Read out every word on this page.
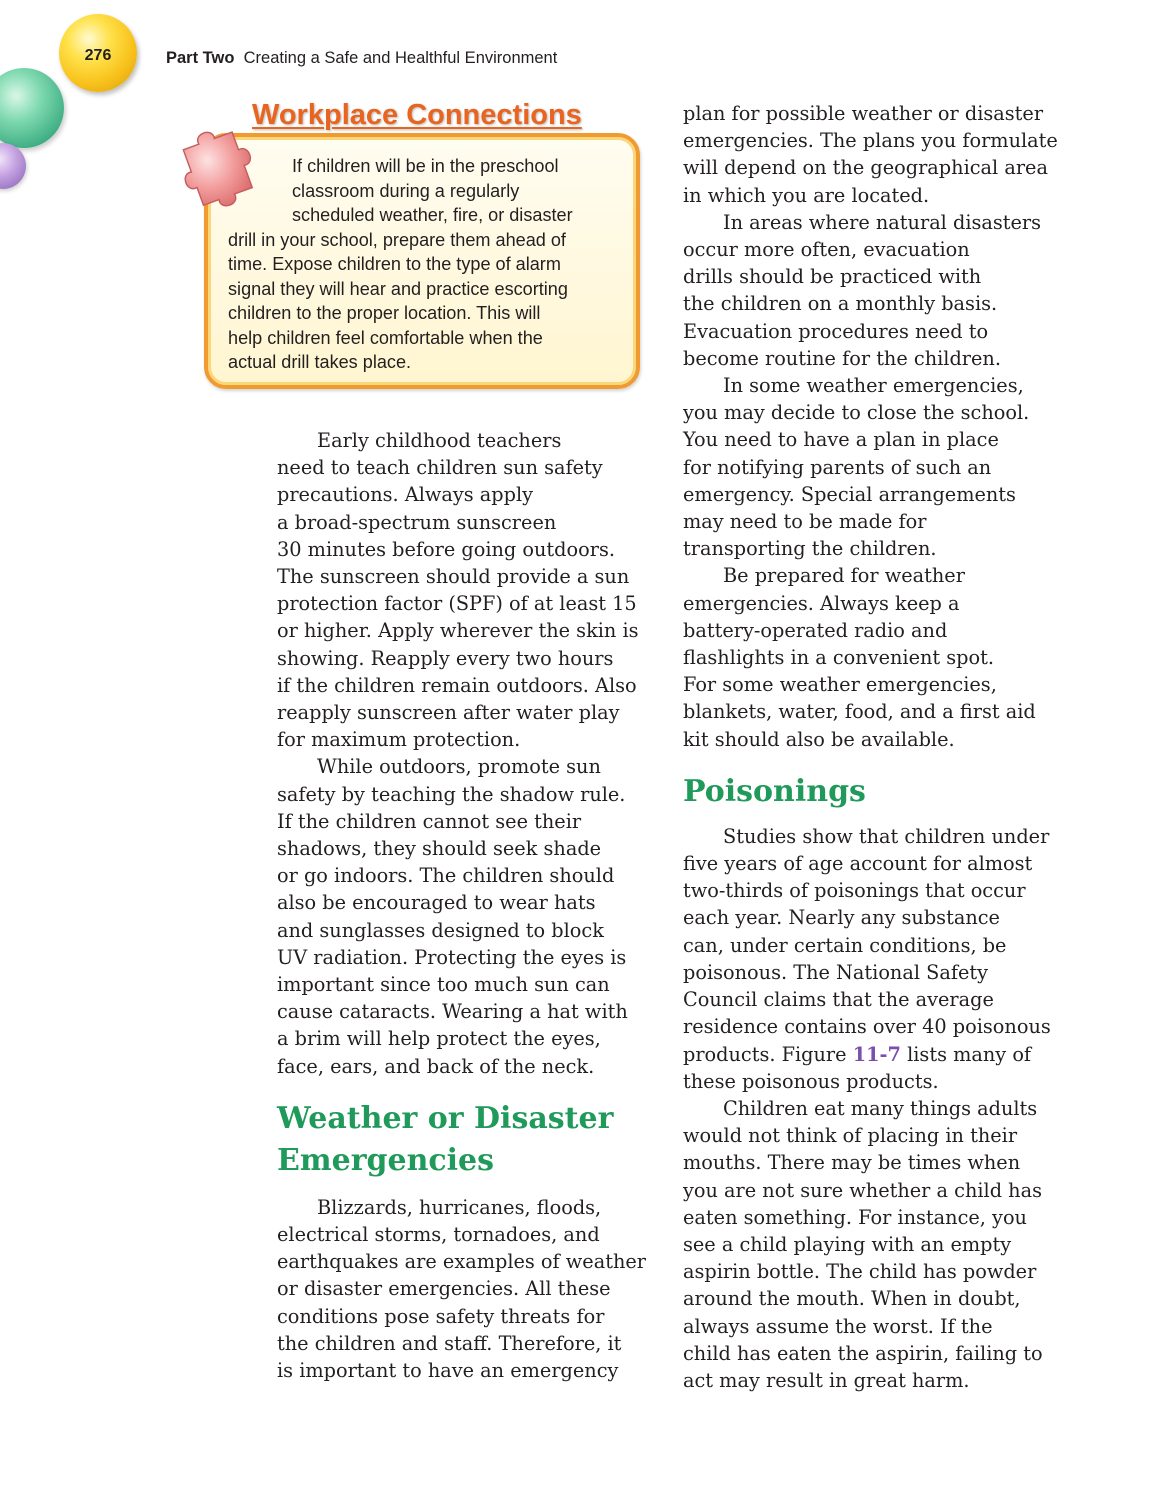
276	Part Two Creating a Safe and Healthful Environment
If children will be in the preschool
classroom during a regularly
scheduled weather, fire, or disaster
drill in your school, prepare them ahead of
time. Expose children to the type of alarm
signal they will hear and practice escorting
children to the proper location. This will
help children feel comfortable when the
actual drill takes place.
Workplace Connections

Early childhood teachers
need to teach children sun safety
precautions. Always apply
a broad-spectrum sunscreen
30 minutes before going outdoors.
The sunscreen should provide a sun
protection factor (SPF) of at least 15
or higher. Apply wherever the skin is
showing. Reapply every two hours
if the children remain outdoors. Also
reapply sunscreen after water play
for maximum protection.

While outdoors, promote sun
safety by teaching the shadow rule.
If the children cannot see their
shadows, they should seek shade
or go indoors. The children should
also be encouraged to wear hats
and sunglasses designed to block
UV radiation. Protecting the eyes is
important since too much sun can
cause cataracts. Wearing a hat with
a brim will help protect the eyes,
face, ears, and back of the neck.

Weather or Disaster
Emergencies

Blizzards, hurricanes, floods,
electrical storms, tornadoes, and
earthquakes are examples of weather
or disaster emergencies. All these
conditions pose safety threats for
the children and staff. Therefore, it
is important to have an emergency

plan for possible weather or disaster
emergencies. The plans you formulate
will depend on the geographical area
in which you are located.

In areas where natural disasters
occur more often, evacuation
drills should be practiced with
the children on a monthly basis.
Evacuation procedures need to
become routine for the children.

In some weather emergencies,
you may decide to close the school.
You need to have a plan in place
for notifying parents of such an
emergency. Special arrangements
may need to be made for
transporting the children.

Be prepared for weather
emergencies. Always keep a
battery-operated radio and
flashlights in a convenient spot.
For some weather emergencies,
blankets, water, food, and a first aid
kit should also be available.

Poisonings

Studies show that children under
five years of age account for almost
two-thirds of poisonings that occur
each year. Nearly any substance
can, under certain conditions, be
poisonous. The National Safety
Council claims that the average
residence contains over 40 poisonous
products. Figure 11-7 lists many of
these poisonous products.

Children eat many things adults
would not think of placing in their
mouths. There may be times when
you are not sure whether a child has
eaten something. For instance, you
see a child playing with an empty
aspirin bottle. The child has powder
around the mouth. When in doubt,
always assume the worst. If the
child has eaten the aspirin, failing to
act may result in great harm.
